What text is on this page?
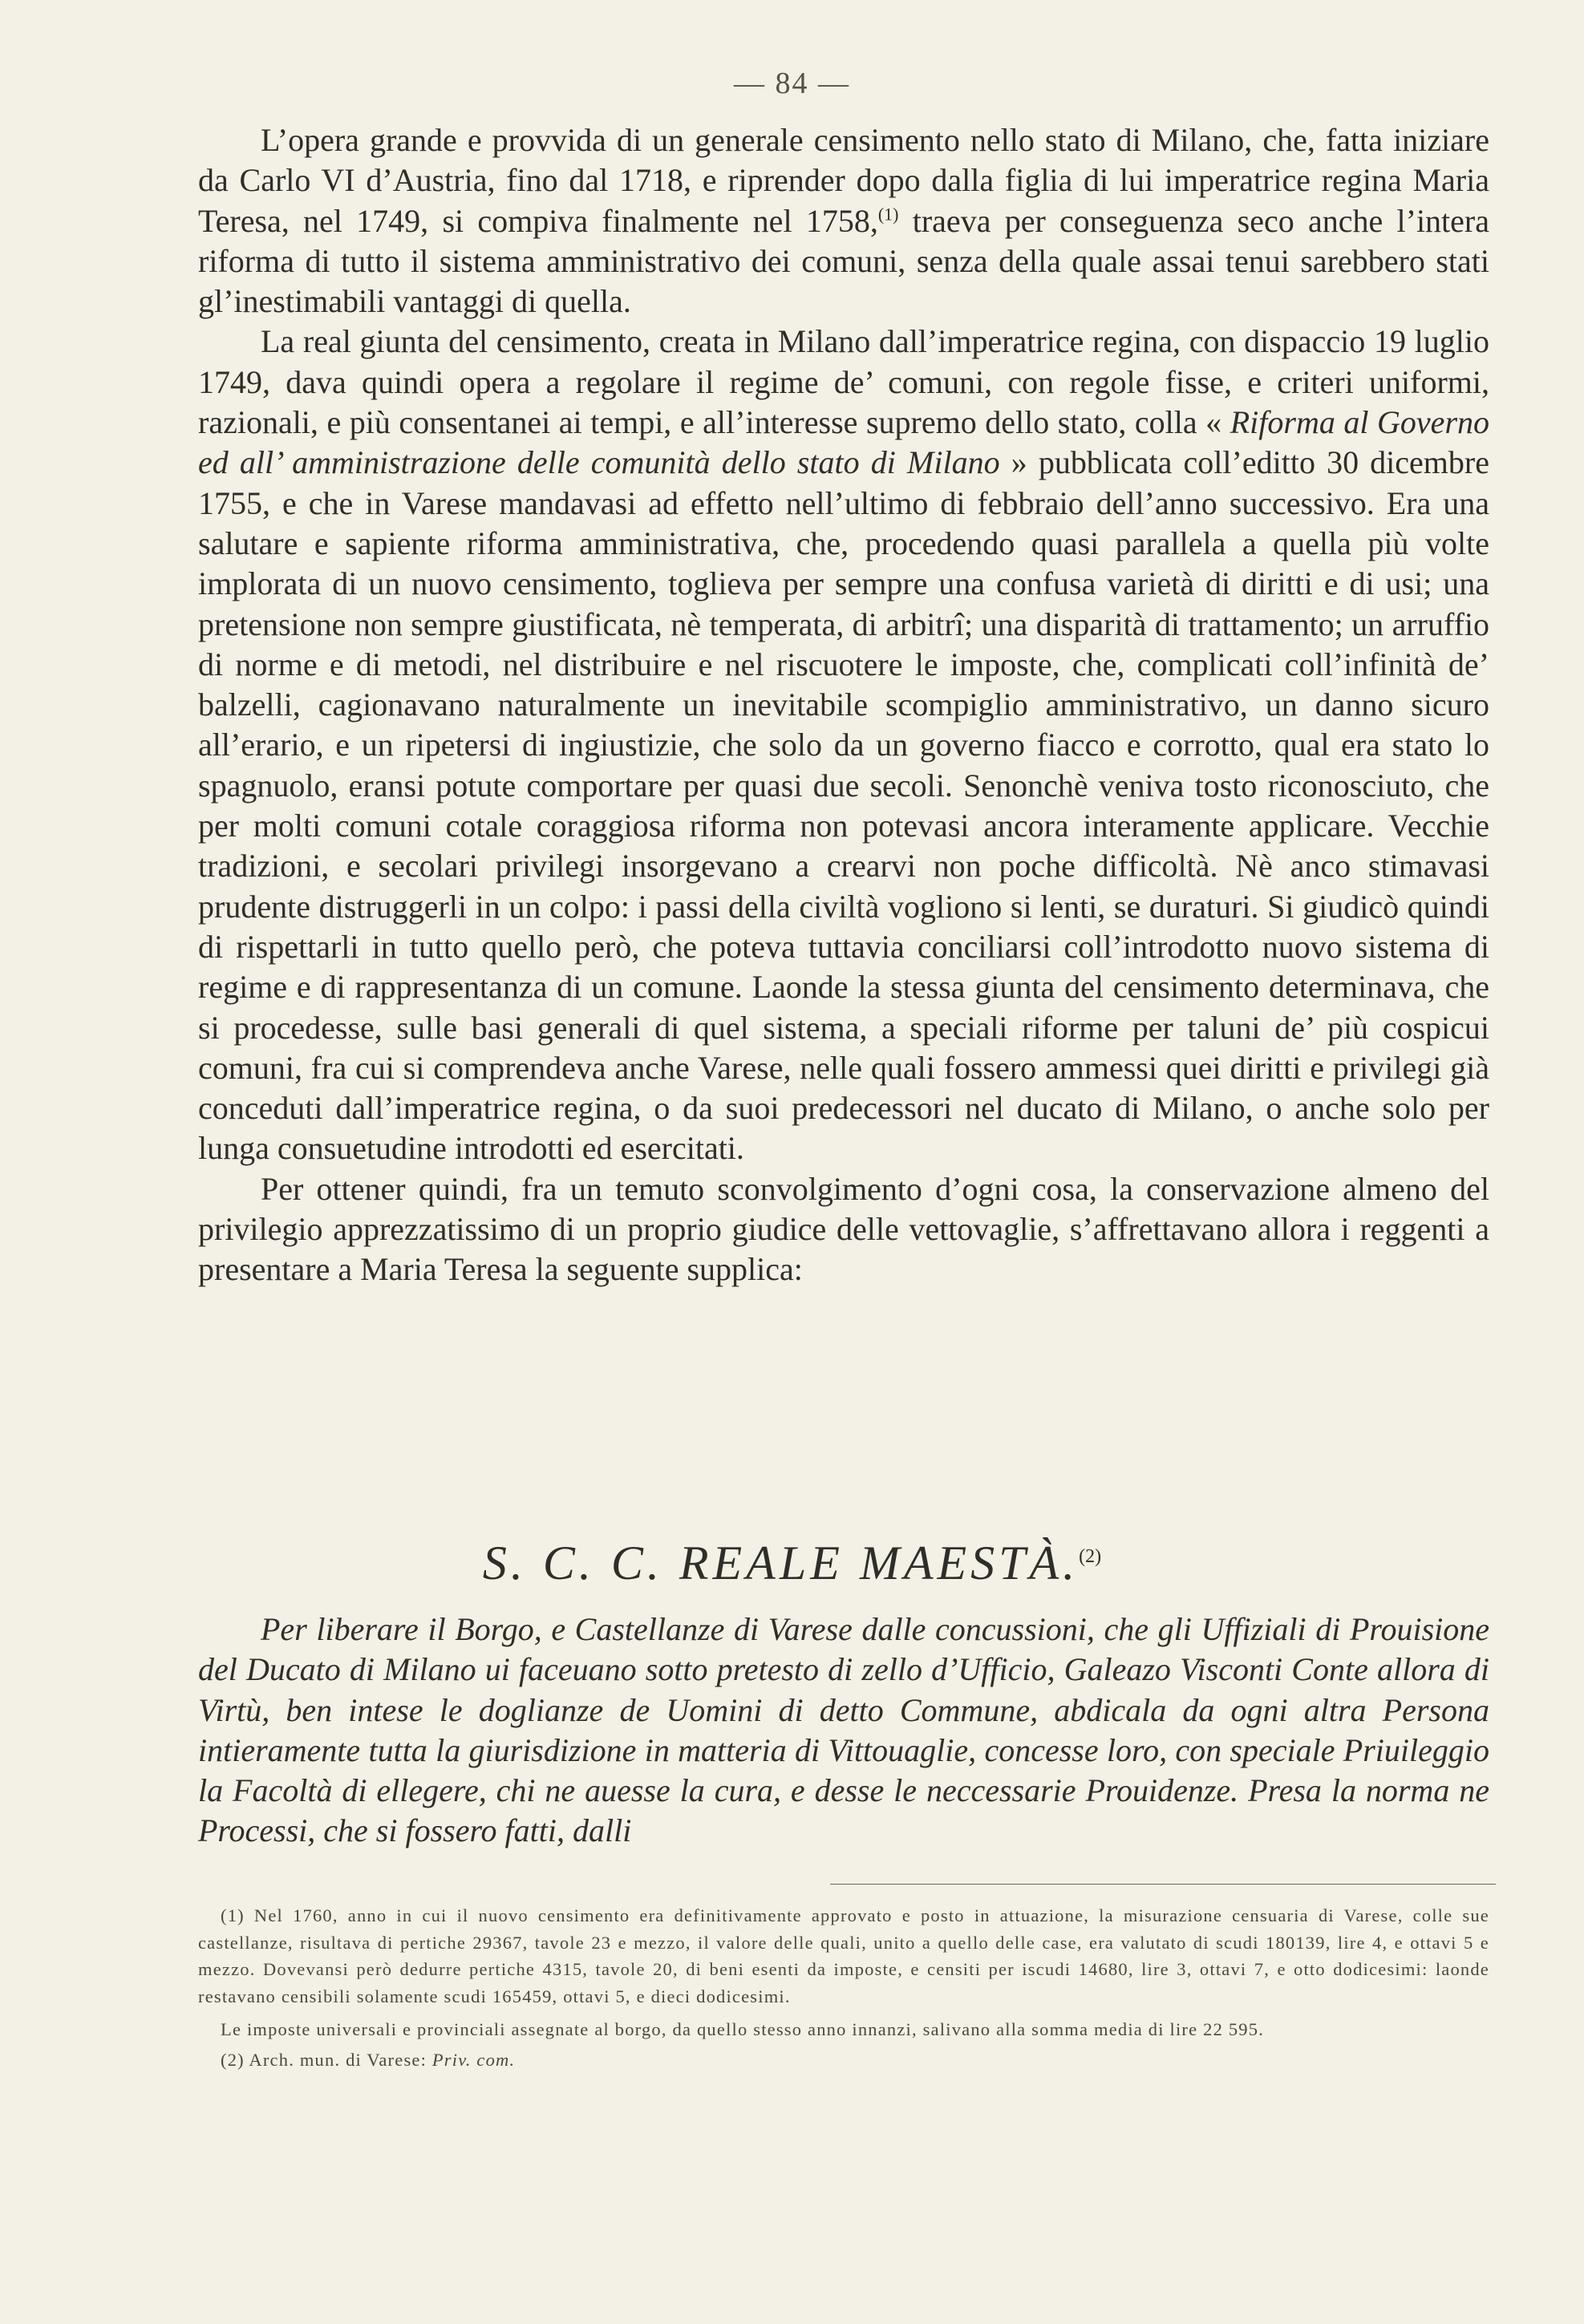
— 84 —

L’opera grande e provvida di un generale censimento nello stato di Milano, che, fatta iniziare da Carlo VI d’Austria, fino dal 1718, e riprender dopo dalla figlia di lui imperatrice regina Maria Teresa, nel 1749, si compiva finalmente nel 1758,$^{(1)}$ traeva per conseguenza seco anche l’intera riforma di tutto il sistema amministrativo dei comuni, senza della quale assai tenui sarebbero stati gl’inestimabili vantaggi di quella.

La real giunta del censimento, creata in Milano dall’imperatrice regina, con dispaccio 19 luglio 1749, dava quindi opera a regolare il regime de’ comuni, con regole fisse, e criteri uniformi, razionali, e più consentanei ai tempi, e all’interesse supremo dello stato, colla « Riforma al Governo ed all’ amministrazione delle comunità dello stato di Milano » pubblicata coll’editto 30 dicembre 1755, e che in Varese mandavasi ad effetto nell’ultimo di febbraio dell’anno successivo. Era una salutare e sapiente riforma amministrativa, che, procedendo quasi parallela a quella più volte implorata di un nuovo censimento, toglieva per sempre una confusa varietà di diritti e di usi; una pretensione non sempre giustificata, nè temperata, di arbitrî; una disparità di trattamento; un arruffio di norme e di metodi, nel distribuire e nel riscuotere le imposte, che, complicati coll’infinità de’ balzelli, cagionavano naturalmente un inevitabile scompiglio amministrativo, un danno sicuro all’erario, e un ripetersi di ingiustizie, che solo da un governo fiacco e corrotto, qual era stato lo spagnuolo, eransi potute comportare per quasi due secoli. Senonchè veniva tosto riconosciuto, che per molti comuni cotale coraggiosa riforma non potevasi ancora interamente applicare. Vecchie tradizioni, e secolari privilegi insorgevano a crearvi non poche difficoltà. Nè anco stimavasi prudente distruggerli in un colpo: i passi della civiltà vogliono si lenti, se duraturi. Si giudicò quindi di rispettarli in tutto quello però, che poteva tuttavia conciliarsi coll’introdotto nuovo sistema di regime e di rappresentanza di un comune. Laonde la stessa giunta del censimento determinava, che si procedesse, sulle basi generali di quel sistema, a speciali riforme per taluni de’ più cospicui comuni, fra cui si comprendeva anche Varese, nelle quali fossero ammessi quei diritti e privilegi già conceduti dall’imperatrice regina, o da suoi predecessori nel ducato di Milano, o anche solo per lunga consuetudine introdotti ed esercitati.

Per ottener quindi, fra un temuto sconvolgimento d’ogni cosa, la conservazione almeno del privilegio apprezzatissimo di un proprio giudice delle vettovaglie, s’affrettavano allora i reggenti a presentare a Maria Teresa la seguente supplica:

S. C. C. REALE MAESTÀ.$^{(2)}$

Per liberare il Borgo, e Castellanze di Varese dalle concussioni, che gli Uffiziali di Prouisione del Ducato di Milano ui faceuano sotto pretesto di zello d’Ufficio, Galeazo Visconti Conte allora di Virtù, ben intese le doglianze de Uomini di detto Commune, abdicala da ogni altra Persona intieramente tutta la giurisdizione in matteria di Vittouaglie, concesse loro, con speciale Priuileggio la Facoltà di ellegere, chi ne auesse la cura, e desse le neccessarie Prouidenze. Presa la norma ne Processi, che si fossero fatti, dalli

(1) Nel 1760, anno in cui il nuovo censimento era definitivamente approvato e posto in attuazione, la misurazione censuaria di Varese, colle sue castellanze, risultava di pertiche 29367, tavole 23 e mezzo, il valore delle quali, unito a quello delle case, era valutato di scudi 180139, lire 4, e ottavi 5 e mezzo. Dovevansi però dedurre pertiche 4315, tavole 20, di beni esenti da imposte, e censiti per iscudi 14680, lire 3, ottavi 7, e otto dodicesimi: laonde restavano censibili solamente scudi 165459, ottavi 5, e dieci dodicesimi.

Le imposte universali e provinciali assegnate al borgo, da quello stesso anno innanzi, salivano alla somma media di lire 22 595.

(2) Arch. mun. di Varese: Priv. com.
